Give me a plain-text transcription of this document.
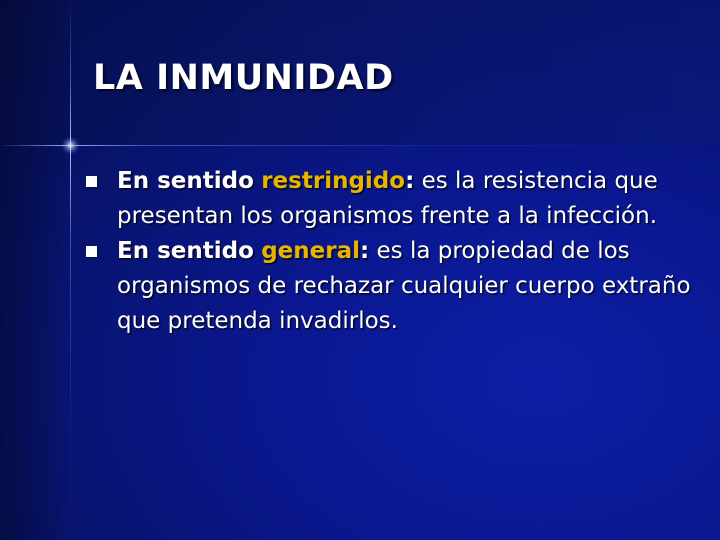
LA INMUNIDAD
En sentido restringido: es la resistencia que presentan los organismos frente a la infección.
En sentido general: es la propiedad de los organismos de rechazar cualquier cuerpo extraño que pretenda invadirlos.
